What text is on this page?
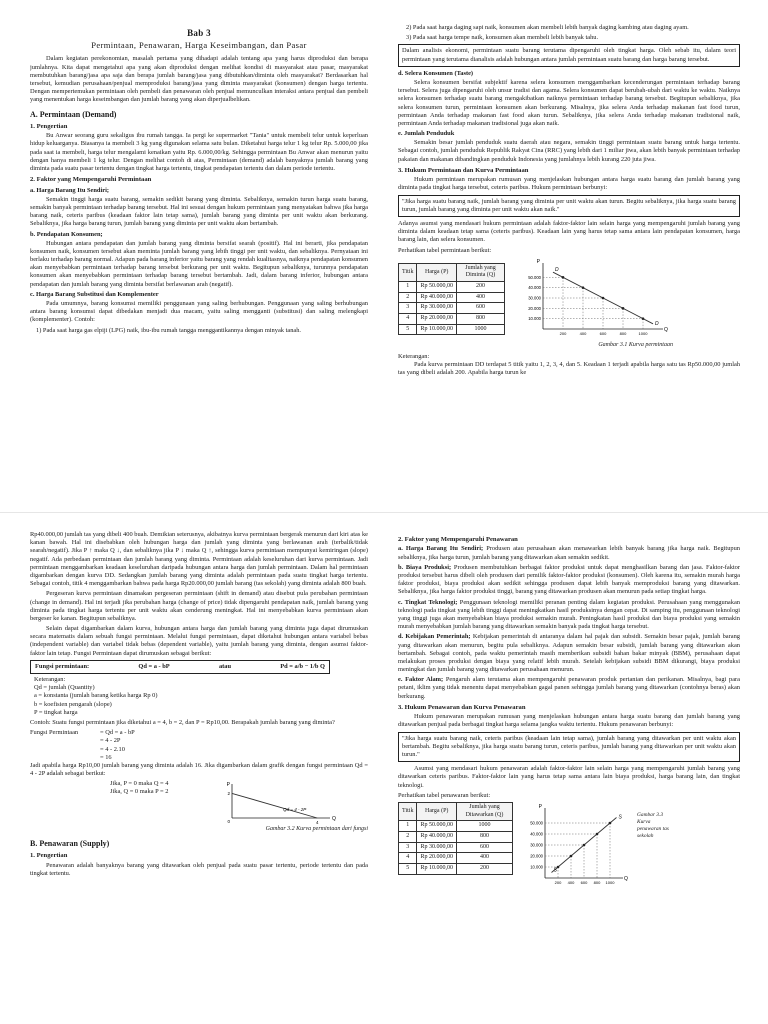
Bab 3
Permintaan, Penawaran, Harga Keseimbangan, dan Pasar

Dalam kegiatan perekonomian, masalah pertama yang dihadapi adalah tentang apa yang harus diproduksi dan berapa jumlahnya. Kita dapat mengetahui apa yang akan diproduksi dengan melihat kondisi di masyarakat atau pasar, masyarakat membutuhkan barang/jasa apa saja dan berapa jumlah barang/jasa yang dibutuhkan/diminta oleh masyarakat? Berdasarkan hal tersebut, kemudian perusahaan/penjual memproduksi barang/jasa yang diminta masyarakat (konsumen) dengan harga tertentu. Dengan mempertemukan permintaan oleh pembeli dan penawaran oleh penjual memunculkan interaksi antara penjual dan pembeli yang menentukan harga keseimbangan dan jumlah barang yang akan diperjualbelikan.

A. Permintaan (Demand)
1. Pengertian

Bu Anwar seorang guru sekaligus ibu rumah tangga. Ia pergi ke supermarket "Tania" untuk membeli telur untuk keperluan hidup keluarganya. Biasanya ia membeli 3 kg yang digunakan selama satu bulan. Diketahui harga telur 1 kg telur Rp. 5.000,00 jika pada saat ia membeli, harga telur mengalami kenaikan yaitu Rp. 6.000,00/kg. Sehingga permintaan Bu Anwar akan menurun yaitu dengan hanya membeli 1 kg telur. Dengan melihat contoh di atas, Permintaan (demand) adalah banyaknya jumlah barang yang diminta pada suatu pasar tertentu dengan tingkat harga tertentu, tingkat pendapatan tertentu dan dalam periode tertentu.

2. Faktor yang Mempengaruhi Permintaan
a. Harga Barang Itu Sendiri;

Semakin tinggi harga suatu barang, semakin sedikit barang yang diminta. Sebaliknya, semakin turun harga suatu barang, semakin banyak permintaan terhadap barang tersebut. Hal ini sesuai dengan hukum permintaan yang menyatakan bahwa jika harga barang naik, ceteris paribus (keadaan faktor lain tetap sama), jumlah barang yang diminta per unit waktu akan berkurang. Sebaliknya, jika harga barang turun, jumlah barang yang diminta per unit waktu akan bertambah.

b. Pendapatan Konsumen;

Hubungan antara pendapatan dan jumlah barang yang diminta bersifat searah (positif). Hal ini berarti, jika pendapatan konsumen naik, konsumen tersebut akan meminta jumlah barang yang lebih tinggi per unit waktu, dan sebaliknya. Pernyataan ini berlaku terhadap barang normal. Adapun pada barang inferior yaitu barang yang rendah kualitasnya, naiknya pendapatan konsumen akan menyebabkan permintaan terhadap barang tersebut berkurang per unit waktu. Begitupun sebaliknya, turunnya pendapatan konsumen akan menyebabkan permintaan terhadap barang tersebut bertambah. Jadi, dalam barang inferior, hubungan antara pendapatan dan jumlah barang yang diminta bersifat berlawanan arah (negatif).

c. Harga Barang Substitusi dan Komplementer

Pada umumnya, barang konsumsi memiliki penggunaan yang saling berhubungan. Penggunaan yang saling berhubungan antara barang konsumsi dapat dibedakan menjadi dua macam, yaitu saling mengganti (substitusi) dan saling melengkapi (komplementer). Contoh:

1) Pada saat harga gas elpiji (LPG) naik, ibu-ibu rumah tangga menggantikannya dengan minyak tanah.

2) Pada saat harga daging sapi naik, konsumen akan membeli lebih banyak daging kambing atau daging ayam.

3) Pada saat harga tempe naik, konsumen akan membeli lebih banyak tahu.

Dalam analisis ekonomi, permintaan suatu barang terutama dipengaruhi oleh tingkat harga. Oleh sebab itu, dalam teori permintaan yang terutama dianalisis adalah hubungan antara jumlah permintaan suatu barang dan harga barang tersebut.
d. Selera Konsumen (Taste)

Selera konsumen bersifat subjektif karena selera konsumen menggambarkan kecenderungan permintaan terhadap barang tersebut. Selera juga dipengaruhi oleh unsur tradisi dan agama. Selera konsumen dapat berubah-ubah dari waktu ke waktu. Naiknya selera konsumen terhadap suatu barang mengakibatkan naiknya permintaan terhadap barang tersebut. Begitupun sebaliknya, jika selera konsumen turun, permintaan konsumen akan berkurang. Misalnya, jika selera Anda terhadap makanan fast food turun, permintaan Anda terhadap makanan fast food akan turun. Sebaliknya, jika selera Anda terhadap makanan tradisional naik, permintaan Anda terhadap makanan tradisional juga akan naik.

e. Jumlah Penduduk

Semakin besar jumlah penduduk suatu daerah atau negara, semakin tinggi permintaan suatu barang untuk harga tertentu. Sebagai contoh, jumlah penduduk Republik Rakyat Cina (RRC) yang lebih dari 1 miliar jiwa, akan lebih banyak permintaan terhadap pakaian dan makanan dibandingkan penduduk Indonesia yang jumlahnya lebih kurang 220 juta jiwa.

3. Hukum Permintaan dan Kurva Permintaan

Hukum permintaan merupakan rumusan yang menjelaskan hubungan antara harga suatu barang dan jumlah barang yang diminta pada tingkat harga tersebut, ceteris paribus. Hukum permintaan berbunyi:

"Jika harga suatu barang naik, jumlah barang yang diminta per unit waktu akan turun. Begitu sebaliknya, jika harga suatu barang turun, jumlah barang yang diminta per unit waktu akan naik."

Adanya asumsi yang mendasari hukum permintaan adalah faktor-faktor lain selain harga yang mempengaruhi jumlah barang yang diminta dalam keadaan tetap sama (ceteris paribus). Keadaan lain yang harus tetap sama antara lain pendapatan konsumen, harga barang lain, dan selera konsumen.

Perhatikan tabel permintaan berikut:
Titik	Harga (P)	Jumlah yang Diminta (Q)
1	Rp 50.000,00	200
2	Rp 40.000,00	400
3	Rp 30.000,00	600
4	Rp 20.000,00	800
5	Rp 10.000,00	1000
P
Q
10.000
20.000
30.000
40.000
50.000
200	400	600	800	1000
D
D
Gambar 3.1 Kurva permintaan
Keterangan:

Pada kurva permintaan DD terdapat 5 titik yaitu 1, 2, 3, 4, dan 5. Keadaan 1 terjadi apabila harga satu tas Rp50.000,00 jumlah tas yang dibeli adalah 200. Apabila harga turun ke

Rp40.000,00 jumlah tas yang dibeli 400 buah. Demikian seterusnya, akibatnya kurva permintaan bergerak menurun dari kiri atas ke kanan bawah. Hal ini disebabkan oleh hubungan harga dan jumlah yang diminta yang berlawanan arah (terbalik/tidak searah/negatif). Jika P ↑ maka Q ↓, dan sebaliknya jika P ↓ maka Q ↑, sehingga kurva permintaan mempunyai kemiringan (slope) negatif. Ada perbedaan permintaan dan jumlah barang yang diminta. Permintaan adalah keseluruhan dari kurva permintaan. Jadi permintaan menggambarkan keadaan keseluruhan daripada hubungan antara harga dan jumlah permintaan. Dalam hal permintaan digambarkan dengan kurva DD. Sedangkan jumlah barang yang diminta adalah permintaan pada suatu tingkat harga tertentu. Sebagai contoh, titik 4 menggambarkan bahwa pada harga Rp20.000,00 jumlah barang (tas sekolah) yang diminta adalah 800 buah.

Pergeseran kurva permintaan dinamakan pergeseran permintaan (shift in demand) atau disebut pula perubahan permintaan (change in demand). Hal ini terjadi jika perubahan harga (change of price) tidak dipengaruhi pendapatan naik, jumlah barang yang diminta pada tingkat harga tertentu per unit waktu akan cenderung meningkat. Hal ini menyebabkan kurva permintaan akan bergeser ke kanan. Begitupun sebaliknya.

Selain dapat digambarkan dalam kurva, hubungan antara harga dan jumlah barang yang diminta juga dapat dirumuskan secara matematis dalam sebuah fungsi permintaan. Melalui fungsi permintaan, dapat diketahui hubungan antara variabel bebas (independent variable) dan variabel tidak bebas (dependent variable), yaitu jumlah barang yang diminta, dengan asumsi faktor-faktor lain tetap. Fungsi Permintaan dapat dirumuskan sebagai berikut:

Fungsi permintaan:	Qd = a - bP	atau	Pd = a/b − 1/b Q
Keterangan:
Qd = jumlah (Quantity)
a = konstanta (jumlah barang ketika harga Rp 0)
b = koefisien pengarah (slope)
P = tingkat harga

Contoh: Suatu fungsi permintaan jika diketahui a = 4, b = 2, dan P = Rp10,00. Berapakah jumlah barang yang diminta?

Fungsi Permintaan	= Qd = a - bP
= 4 - 2P
= 4 - 2.10
= 16

Jadi apabila harga Rp10,00 jumlah barang yang diminta adalah 16. Jika digambarkan dalam grafik dengan fungsi permintaan Qd = 4 - 2P adalah sebagai berikut:

Jika, P = 0 maka Q = 4
Jika, Q = 0 maka P = 2
P
Q
2
4
0
Qd = 4 - 2P
Gambar 3.2 Kurva permintaan dari fungsi
B. Penawaran (Supply)
1. Pengertian

Penawaran adalah banyaknya barang yang ditawarkan oleh penjual pada suatu pasar tertentu, periode tertentu dan pada tingkat tertentu.

2. Faktor yang Mempengaruhi Penawaran

a. Harga Barang Itu Sendiri; Produsen atau perusahaan akan menawarkan lebih banyak barang jika harga naik. Begitupun sebaliknya, jika harga turun, jumlah barang yang ditawarkan akan semakin sedikit.

b. Biaya Produksi; Produsen membutuhkan berbagai faktor produksi untuk dapat menghasilkan barang dan jasa. Faktor-faktor produksi tersebut harus dibeli oleh produsen dari pemilik faktor-faktor produksi (konsumen). Oleh karena itu, semakin murah harga faktor produksi, biaya produksi akan sedikit sehingga produsen dapat lebih banyak memproduksi barang yang ditawarkan. Sebaliknya, jika harga faktor produksi tinggi, barang yang ditawarkan produsen akan menurun pada setiap tingkat harga.

c. Tingkat Teknologi; Penggunaan teknologi memiliki peranan penting dalam kegiatan produksi. Perusahaan yang menggunakan teknologi pada tingkat yang lebih tinggi dapat meningkatkan hasil produksinya dengan cepat. Di samping itu, penggunaan teknologi yang tinggi juga akan menyebabkan biaya produksi semakin murah. Peningkatan hasil produksi dan biaya produksi yang semakin murah menyebabkan jumlah barang yang ditawarkan semakin banyak pada tingkat harga tersebut.

d. Kebijakan Pemerintah; Kebijakan pemerintah di antaranya dalam hal pajak dan subsidi. Semakin besar pajak, jumlah barang yang ditawarkan akan menurun, begitu pula sebaliknya. Adapun semakin besar subsidi, jumlah barang yang ditawarkan akan bertambah. Sebagai contoh, pada waktu pemerintah masih memberikan subsidi bahan bakar minyak (BBM), perusahaan dapat melakukan proses produksi dengan biaya yang relatif lebih murah. Setelah kebijakan subsidi BBM dikurangi, biaya produksi meningkat dan jumlah barang yang ditawarkan perusahaan menurun.

e. Faktor Alam; Pengaruh alam terutama akan mempengaruhi penawaran produk pertanian dan perikanan. Misalnya, bagi para petani, iklim yang tidak menentu dapat menyebabkan gagal panen sehingga jumlah barang yang ditawarkan (contohnya beras) akan berkurang.

3. Hukum Penawaran dan Kurva Penawaran

Hukum penawaran merupakan rumusan yang menjelaskan hubungan antara harga suatu barang dan jumlah barang yang ditawarkan penjual pada berbagai tingkat harga selama jangka waktu tertentu. Hukum penawaran berbunyi:

"Jika harga suatu barang naik, ceteris paribus (keadaan lain tetap sama), jumlah barang yang ditawarkan per unit waktu akan bertambah. Begitu sebaliknya, jika harga suatu barang turun, ceteris paribus, jumlah barang yang ditawarkan per unit waktu akan turun."

Asumsi yang mendasari hukum penawaran adalah faktor-faktor lain selain harga yang mempengaruhi jumlah barang yang ditawarkan ceteris paribus. Faktor-faktor lain yang harus tetap sama antara lain biaya produksi, harga barang lain, dan tingkat teknologi.

Perhatikan tabel penawaran berikut:
Titik	Harga (P)	Jumlah yang Ditawarkan (Q)
1	Rp 50.000,00	1000
2	Rp 40.000,00	800
3	Rp 30.000,00	600
4	Rp 20.000,00	400
5	Rp 10.000,00	200
P
Q
10.000
20.000
30.000
40.000
50.000
200 400 600 800 1000
S
S	Gambar 3.3 Kurva penawaran tas sekolah
